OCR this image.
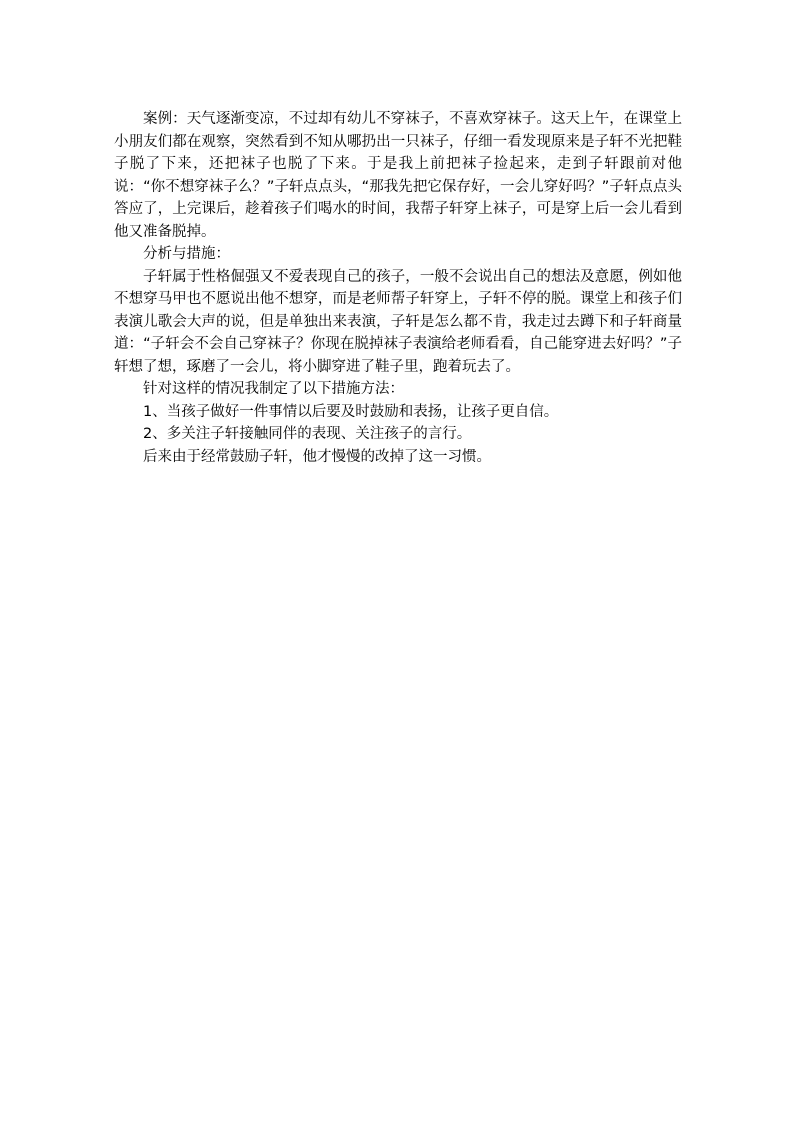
案例：天气逐渐变凉，不过却有幼儿不穿袜子，不喜欢穿袜子。这天上午，在课堂上小朋友们都在观察，突然看到不知从哪扔出一只袜子，仔细一看发现原来是子轩不光把鞋子脱了下来，还把袜子也脱了下来。于是我上前把袜子捡起来，走到子轩跟前对他说：“你不想穿袜子么？”子轩点点头，“那我先把它保存好，一会儿穿好吗？”子轩点点头答应了，上完课后，趁着孩子们喝水的时间，我帮子轩穿上袜子，可是穿上后一会儿看到他又准备脱掉。

分析与措施：

子轩属于性格倔强又不爱表现自己的孩子，一般不会说出自己的想法及意愿，例如他不想穿马甲也不愿说出他不想穿，而是老师帮子轩穿上，子轩不停的脱。课堂上和孩子们表演儿歌会大声的说，但是单独出来表演，子轩是怎么都不肯，我走过去蹲下和子轩商量道：“子轩会不会自己穿袜子？你现在脱掉袜子表演给老师看看，自己能穿进去好吗？”子轩想了想，琢磨了一会儿，将小脚穿进了鞋子里，跑着玩去了。

针对这样的情况我制定了以下措施方法：

1、当孩子做好一件事情以后要及时鼓励和表扬，让孩子更自信。

2、多关注子轩接触同伴的表现、关注孩子的言行。

后来由于经常鼓励子轩，他才慢慢的改掉了这一习惯。
